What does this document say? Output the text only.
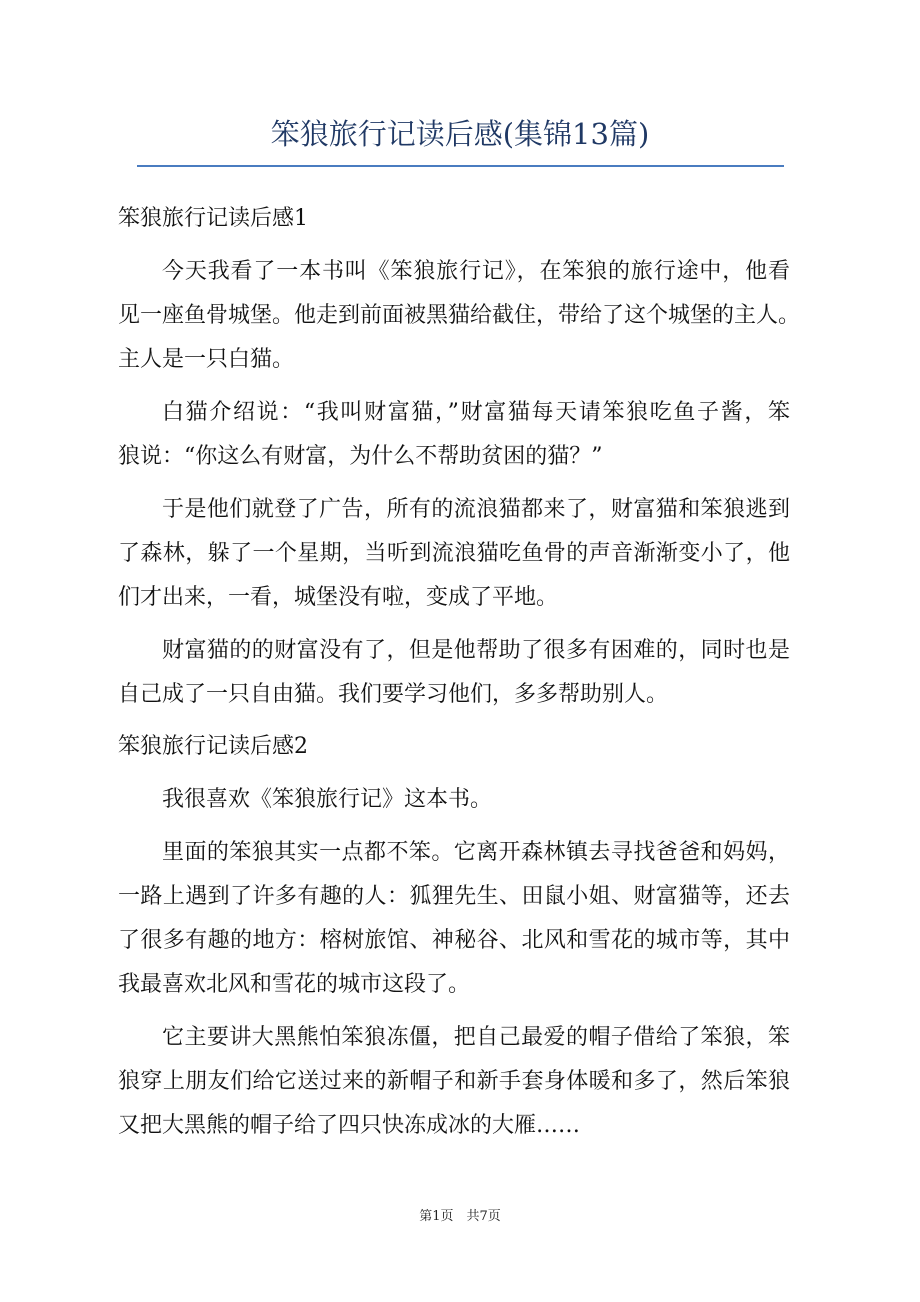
笨狼旅行记读后感(集锦13篇)
笨狼旅行记读后感1
今天我看了一本书叫《笨狼旅行记》，在笨狼的旅行途中，他看
见一座鱼骨城堡。他走到前面被黑猫给截住，带给了这个城堡的主人。
主人是一只白猫。
白猫介绍说：“我叫财富猫，”财富猫每天请笨狼吃鱼子酱，笨
狼说：“你这么有财富，为什么不帮助贫困的猫？”
于是他们就登了广告，所有的流浪猫都来了，财富猫和笨狼逃到
了森林，躲了一个星期，当听到流浪猫吃鱼骨的声音渐渐变小了，他
们才出来，一看，城堡没有啦，变成了平地。
财富猫的的财富没有了，但是他帮助了很多有困难的，同时也是
自己成了一只自由猫。我们要学习他们，多多帮助别人。
笨狼旅行记读后感2
我很喜欢《笨狼旅行记》这本书。
里面的笨狼其实一点都不笨。它离开森林镇去寻找爸爸和妈妈，
一路上遇到了许多有趣的人：狐狸先生、田鼠小姐、财富猫等，还去
了很多有趣的地方：榕树旅馆、神秘谷、北风和雪花的城市等，其中
我最喜欢北风和雪花的城市这段了。
它主要讲大黑熊怕笨狼冻僵，把自己最爱的帽子借给了笨狼，笨
狼穿上朋友们给它送过来的新帽子和新手套身体暖和多了，然后笨狼
又把大黑熊的帽子给了四只快冻成冰的大雁……
第1页　共7页
